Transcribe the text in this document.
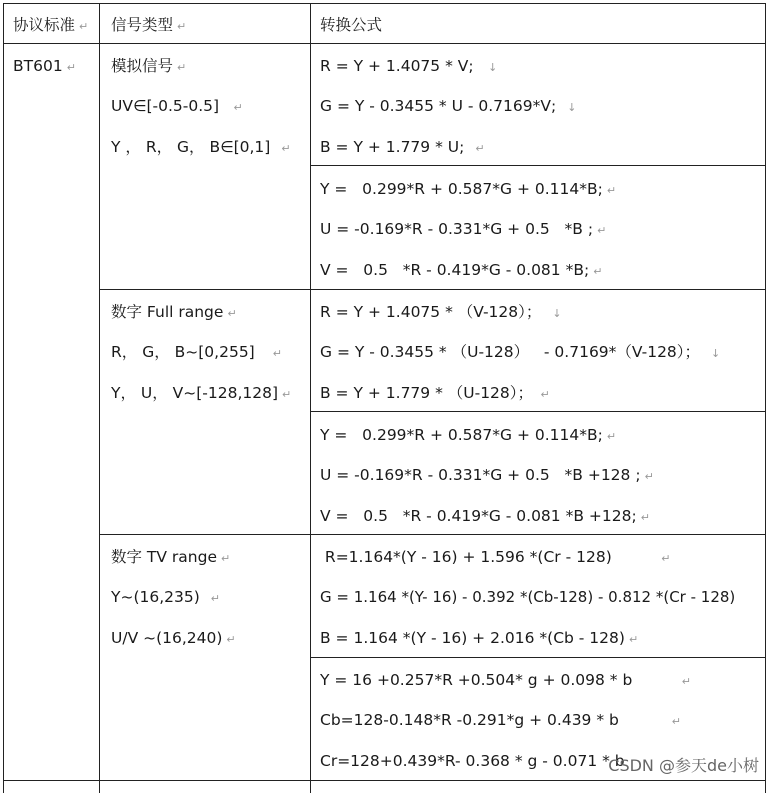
协议标准 ↵ 信号类型 ↵	转换公式
BT601 ↵ 模拟信号 ↵
UV∈[-0.5-0.5]   ↵
Y ， R， G， B∈[0,1]  ↵
R = Y + 1.4075 * V;   ↓
G = Y - 0.3455 * U - 0.7169*V;  ↓
B = Y + 1.779 * U;  ↵
Y =   0.299*R + 0.587*G + 0.114*B; ↵
U = -0.169*R - 0.331*G + 0.5   *B ; ↵
V =   0.5   *R - 0.419*G - 0.081 *B; ↵
数字 Full range ↵
R， G， B~[0,255]    ↵
Y， U， V~[-128,128] ↵
R = Y + 1.4075 * （V-128）；  ↓
G = Y - 0.3455 * （U-128）   - 0.7169*（V-128）；  ↓
B = Y + 1.779 * （U-128）； ↵
Y =   0.299*R + 0.587*G + 0.114*B; ↵
U = -0.169*R - 0.331*G + 0.5   *B +128 ; ↵
V =   0.5   *R - 0.419*G - 0.081 *B +128; ↵
数字 TV range ↵
Y~(16,235)  ↵
U/V ~(16,240) ↵
R=1.164*(Y - 16) + 1.596 *(Cr - 128)             ↵
G = 1.164 *(Y- 16) - 0.392 *(Cb-128) - 0.812 *(Cr - 128)
B = 1.164 *(Y - 16) + 2.016 *(Cb - 128) ↵
Y = 16 +0.257*R +0.504* g + 0.098 * b             ↵
Cb=128-0.148*R -0.291*g + 0.439 * b              ↵
Cr=128+0.439*R- 0.368 * g - 0.071 * b
CSDN @参天de小树
